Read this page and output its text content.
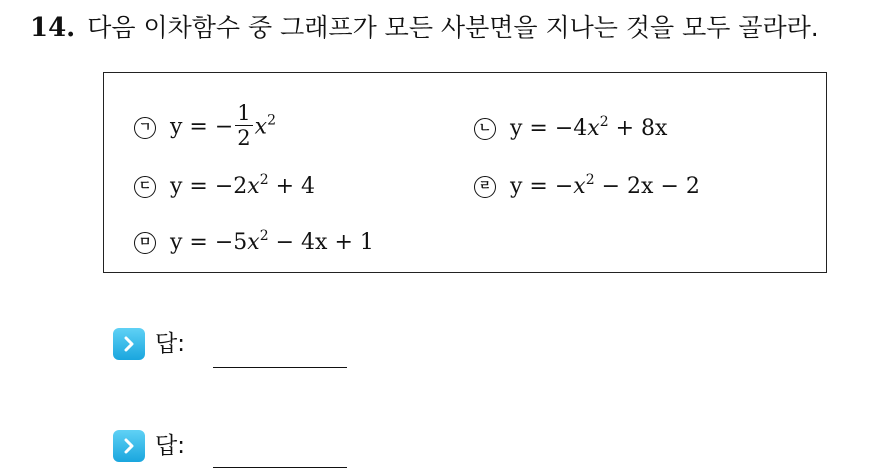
14. 다음 이차함수 중 그래프가 모든 사분면을 지나는 것을 모두 골라라.
ㄱ y = − $\frac{1}{2} x^2$	ㄴ $y = -4x^2 + 8x$
ㄷ $y = -2x^2 + 4$	ㄹ $y = -x^2 - 2x - 2$
ㅁ $y = -5x^2 - 4x + 1$
답:
답:
